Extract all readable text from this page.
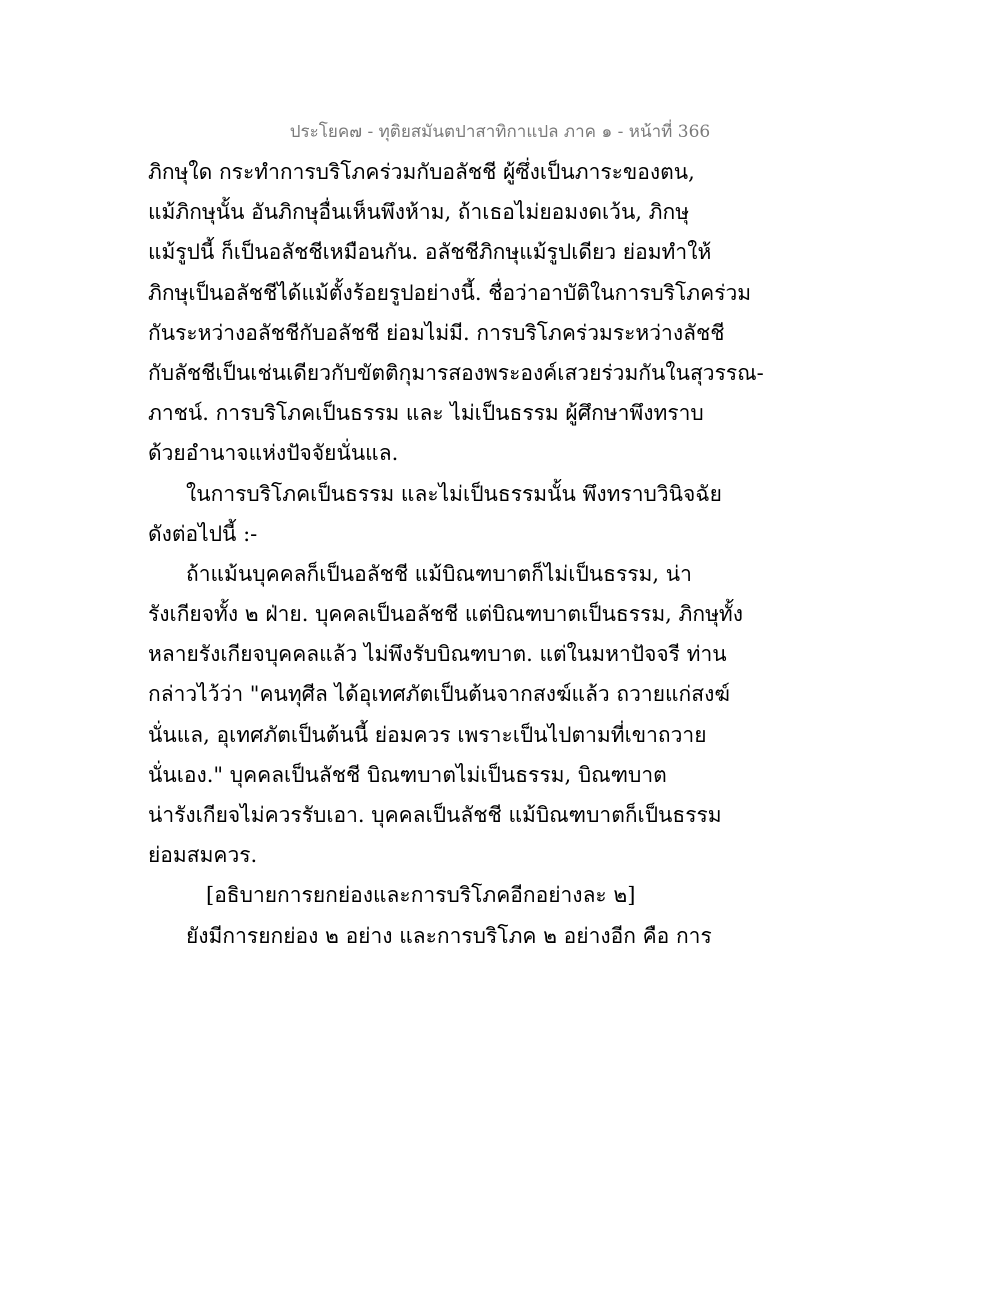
ประโยค๗ - ทุติยสมันตปาสาทิกาแปล ภาค ๑ - หน้าที่ 366
ภิกษุใด กระทำการบริโภคร่วมกับอลัชชี ผู้ซึ่งเป็นภาระของตน,
แม้ภิกษุนั้น อันภิกษุอื่นเห็นพึงห้าม, ถ้าเธอไม่ยอมงดเว้น, ภิกษุ
แม้รูปนี้ ก็เป็นอลัชชีเหมือนกัน. อลัชชีภิกษุแม้รูปเดียว ย่อมทำให้
ภิกษุเป็นอลัชชีได้แม้ตั้งร้อยรูปอย่างนี้. ชื่อว่าอาบัติในการบริโภคร่วม
กันระหว่างอลัชชีกับอลัชชี ย่อมไม่มี. การบริโภคร่วมระหว่างลัชชี
กับลัชชีเป็นเช่นเดียวกับขัตติกุมารสองพระองค์เสวยร่วมกันในสุวรรณ-
ภาชน์. การบริโภคเป็นธรรม และ ไม่เป็นธรรม ผู้ศึกษาพึงทราบ
ด้วยอำนาจแห่งปัจจัยนั่นแล.
ในการบริโภคเป็นธรรม และไม่เป็นธรรมนั้น พึงทราบวินิจฉัย
ดังต่อไปนี้ :-
ถ้าแม้นบุคคลก็เป็นอลัชชี แม้บิณฑบาตก็ไม่เป็นธรรม, น่า
รังเกียจทั้ง ๒ ฝ่าย. บุคคลเป็นอลัชชี แต่บิณฑบาตเป็นธรรม, ภิกษุทั้ง
หลายรังเกียจบุคคลแล้ว ไม่พึงรับบิณฑบาต. แต่ในมหาปัจจรี ท่าน
กล่าวไว้ว่า "คนทุศีล ได้อุเทศภัตเป็นต้นจากสงฆ์แล้ว ถวายแก่สงฆ์
นั่นแล, อุเทศภัตเป็นต้นนี้ ย่อมควร เพราะเป็นไปตามที่เขาถวาย
นั่นเอง." บุคคลเป็นลัชชี บิณฑบาตไม่เป็นธรรม, บิณฑบาต
น่ารังเกียจไม่ควรรับเอา. บุคคลเป็นลัชชี แม้บิณฑบาตก็เป็นธรรม
ย่อมสมควร.
[อธิบายการยกย่องและการบริโภคอีกอย่างละ ๒]
ยังมีการยกย่อง ๒ อย่าง และการบริโภค ๒ อย่างอีก คือ การ
